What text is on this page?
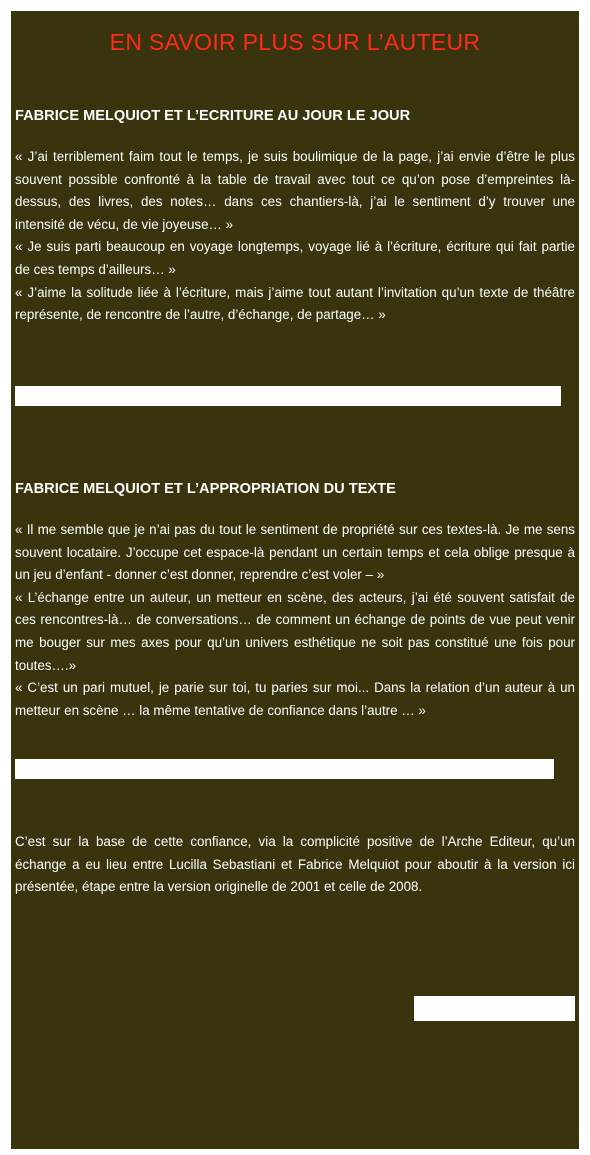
EN SAVOIR PLUS SUR L’AUTEUR
FABRICE MELQUIOT ET L’ECRITURE AU JOUR LE JOUR

« J’ai terriblement faim tout le temps, je suis boulimique de la page, j’ai envie d’être le plus souvent possible confronté à la table de travail avec tout ce qu’on pose d’empreintes là-dessus, des livres, des notes… dans ces chantiers-là, j’ai le sentiment d’y trouver une intensité de vécu, de vie joyeuse… »
« Je suis parti beaucoup en voyage longtemps, voyage lié à l’écriture, écriture qui fait partie de ces temps d’ailleurs… »
« J’aime la solitude liée à l’écriture, mais j’aime tout autant l’invitation qu’un texte de théâtre représente, de rencontre de l’autre, d’échange, de partage… »

FABRICE MELQUIOT ET L’APPROPRIATION DU TEXTE

« Il me semble que je n’ai pas du tout le sentiment de propriété sur ces textes-là. Je me sens souvent locataire. J’occupe cet espace-là pendant un certain temps et cela oblige presque à un jeu d’enfant - donner c’est donner, reprendre c’est voler – »
« L’échange entre un auteur, un metteur en scène, des acteurs, j’ai été souvent satisfait de ces rencontres-là… de conversations… de comment un échange de points de vue peut venir me bouger sur mes axes pour qu’un univers esthétique ne soit pas constitué une fois pour toutes….»
« C’est un pari mutuel, je parie sur toi, tu paries sur moi... Dans la relation d’un auteur à un metteur en scène … la même tentative de confiance dans l’autre … »

C’est sur la base de cette confiance, via la complicité positive de l’Arche Editeur, qu’un échange a eu lieu entre Lucilla Sebastiani et Fabrice Melquiot pour aboutir à la version ici présentée, étape entre la version originelle de 2001 et celle de 2008.
